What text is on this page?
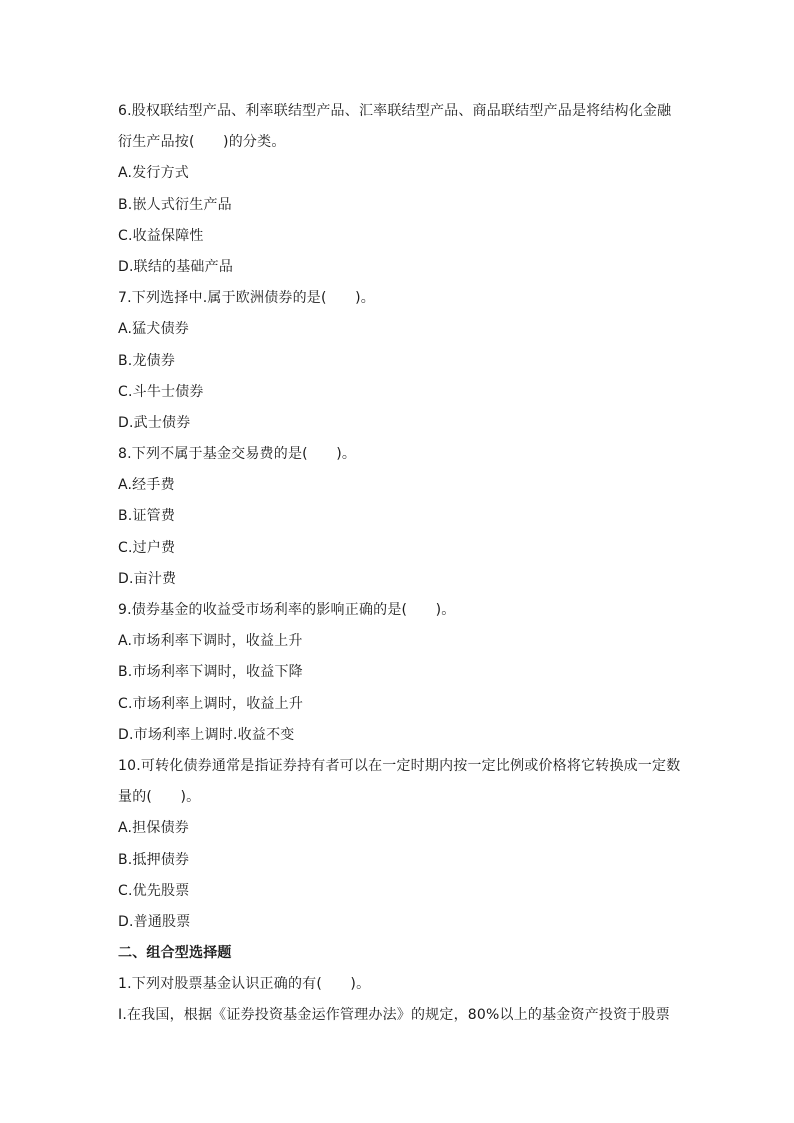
6.股权联结型产品、利率联结型产品、汇率联结型产品、商品联结型产品是将结构化金融
衍生产品按(　　)的分类。
A.发行方式
B.嵌人式衍生产品
C.收益保障性
D.联结的基础产品
7.下列选择中.属于欧洲债券的是(　　)。
A.猛犬债券
B.龙债券
C.斗牛士债券
D.武士债券
8.下列不属于基金交易费的是(　　)。
A.经手费
B.证管费
C.过户费
D.亩汁费
9.债券基金的收益受市场利率的影响正确的是(　　)。
A.市场利率下调时，收益上升
B.市场利率下调时，收益下降
C.市场利率上调时，收益上升
D.市场利率上调时.收益不变
10.可转化债券通常是指证券持有者可以在一定时期内按一定比例或价格将它转换成一定数
量的(　　)。
A.担保债券
B.抵押债券
C.优先股票
D.普通股票
二、组合型选择题
1.下列对股票基金认识正确的有(　　)。
Ⅰ.在我国，根据《证券投资基金运作管理办法》的规定，80%以上的基金资产投资于股票
